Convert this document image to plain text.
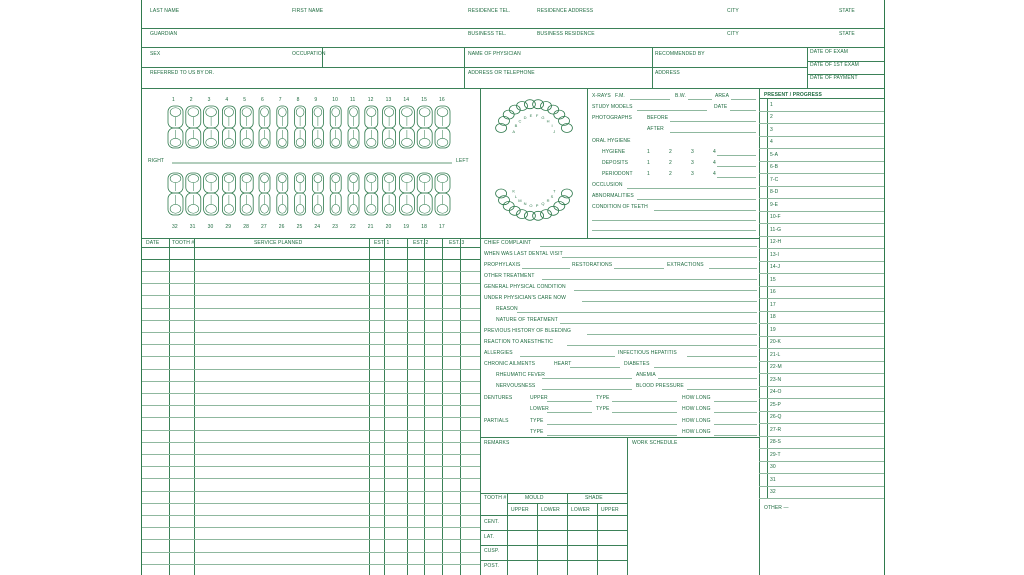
LAST NAME	FIRST NAME	RESIDENCE TEL.	RESIDENCE ADDRESS	CITY	STATE
GUARDIAN	BUSINESS TEL.	BUSINESS RESIDENCE	CITY	STATE
SEX	OCCUPATION	NAME OF PHYSICIAN	RECOMMENDED BY
REFERRED TO US BY DR.	ADDRESS OR TELEPHONE	ADDRESS
DATE OF EXAM
DATE OF 1ST EXAM
DATE OF PAYMENT
1	2	3	4	5	6	7	8	9	10 11 12 13 14 15 16
32 31 30 29 28 27 26 25 24 23 22 21 20 19 18 17
RIGHT	LEFT
A
B
C
D E F G
H
I
J
T
S
R
Q
P
O
N
M
L
K
X-RAYS F.M.	B.W.	AREA
STUDY MODELS	DATE
PHOTOGRAPHS	BEFORE
AFTER
ORAL HYGIENE
HYGIENE	1	2	3	4
DEPOSITS	1	2	3	4
PERIODONT	1	2	3	4
OCCLUSION
ABNORMALITIES
CONDITION OF TEETH
DATE	TOOTH #	SERVICE PLANNED	EST. 1	EST. 2	EST. 3	CHIEF COMPLAINT
WHEN WAS LAST DENTAL VISIT
PROPHYLAXIS	RESTORATIONS	EXTRACTIONS
OTHER TREATMENT
GENERAL PHYSICAL CONDITION
UNDER PHYSICIAN'S CARE NOW
REASON
NATURE OF TREATMENT
PREVIOUS HISTORY OF BLEEDING
REACTION TO ANESTHETIC
ALLERGIES	INFECTIOUS HEPATITIS
CHRONIC AILMENTS	HEART	DIABETES
RHEUMATIC FEVER	ANEMIA
NERVOUSNESS	BLOOD PRESSURE
DENTURES	UPPER	TYPE	HOW LONG
LOWER	TYPE	HOW LONG
PARTIALS	TYPE	HOW LONG
TYPE	HOW LONG
REMARKS	WORK SCHEDULE
TOOTH #	MOULD	SHADE
UPPER LOWER LOWER UPPER
CENT.
LAT.
CUSP.
POST.
PRESENT / PROGRESS
1
2
3
4
5-A
6-B
7-C
8-D
9-E
10-F
11-G
12-H
13-I
14-J
15
16
17
18
19
20-K
21-L
22-M
23-N
24-O
25-P
26-Q
27-R
28-S
29-T
30
31
32
OTHER —
